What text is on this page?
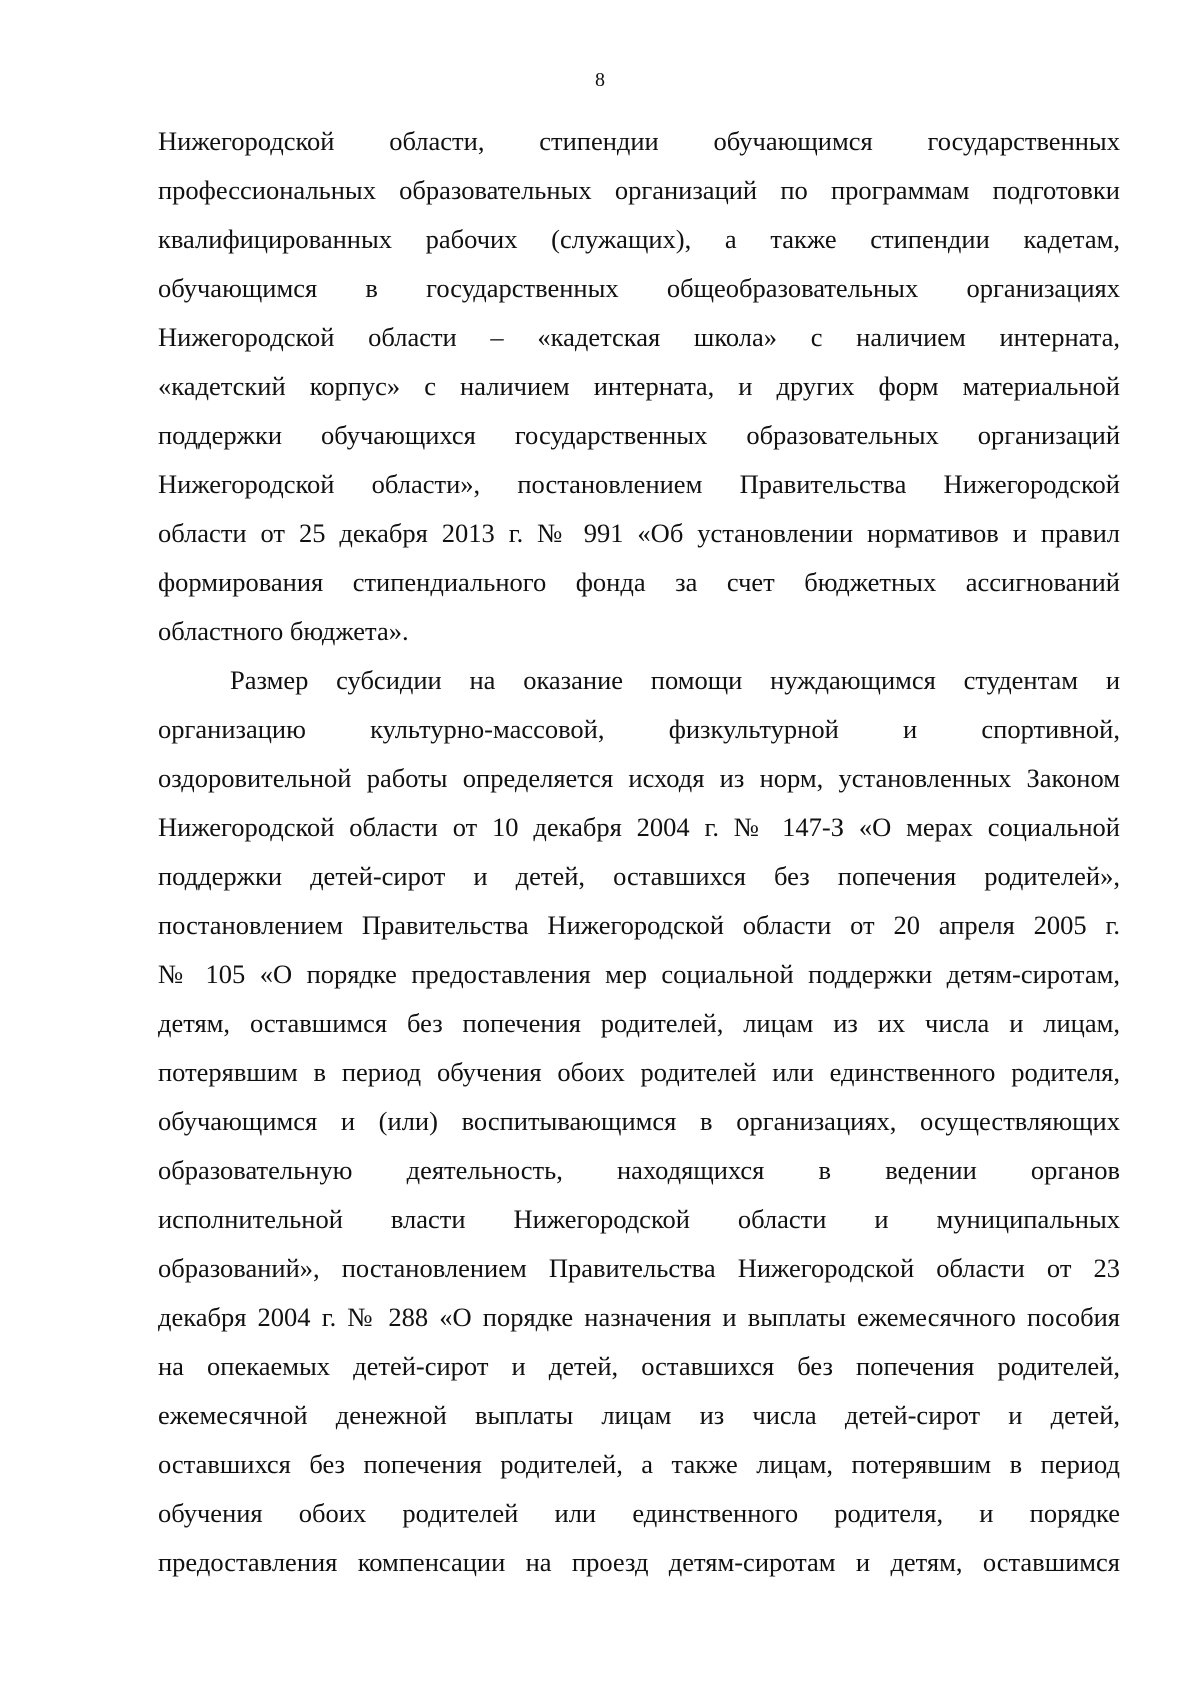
8
Нижегородской области, стипендии обучающимся государственных
профессиональных образовательных организаций по программам подготовки
квалифицированных рабочих (служащих), а также стипендии кадетам,
обучающимся в государственных общеобразовательных организациях
Нижегородской области – «кадетская школа» с наличием интерната,
«кадетский корпус» с наличием интерната, и других форм материальной
поддержки обучающихся государственных образовательных организаций
Нижегородской области», постановлением Правительства Нижегородской
области от 25 декабря 2013 г. № 991 «Об установлении нормативов и правил
формирования стипендиального фонда за счет бюджетных ассигнований
областного бюджета».
Размер субсидии на оказание помощи нуждающимся студентам и
организацию культурно-массовой, физкультурной и спортивной,
оздоровительной работы определяется исходя из норм, установленных Законом
Нижегородской области от 10 декабря 2004 г. № 147-З «О мерах социальной
поддержки детей-сирот и детей, оставшихся без попечения родителей»,
постановлением Правительства Нижегородской области от 20 апреля 2005 г.
№ 105 «О порядке предоставления мер социальной поддержки детям-сиротам,
детям, оставшимся без попечения родителей, лицам из их числа и лицам,
потерявшим в период обучения обоих родителей или единственного родителя,
обучающимся и (или) воспитывающимся в организациях, осуществляющих
образовательную деятельность, находящихся в ведении органов
исполнительной власти Нижегородской области и муниципальных
образований», постановлением Правительства Нижегородской области от 23
декабря 2004 г. № 288 «О порядке назначения и выплаты ежемесячного пособия
на опекаемых детей-сирот и детей, оставшихся без попечения родителей,
ежемесячной денежной выплаты лицам из числа детей-сирот и детей,
оставшихся без попечения родителей, а также лицам, потерявшим в период
обучения обоих родителей или единственного родителя, и порядке
предоставления компенсации на проезд детям-сиротам и детям, оставшимся
